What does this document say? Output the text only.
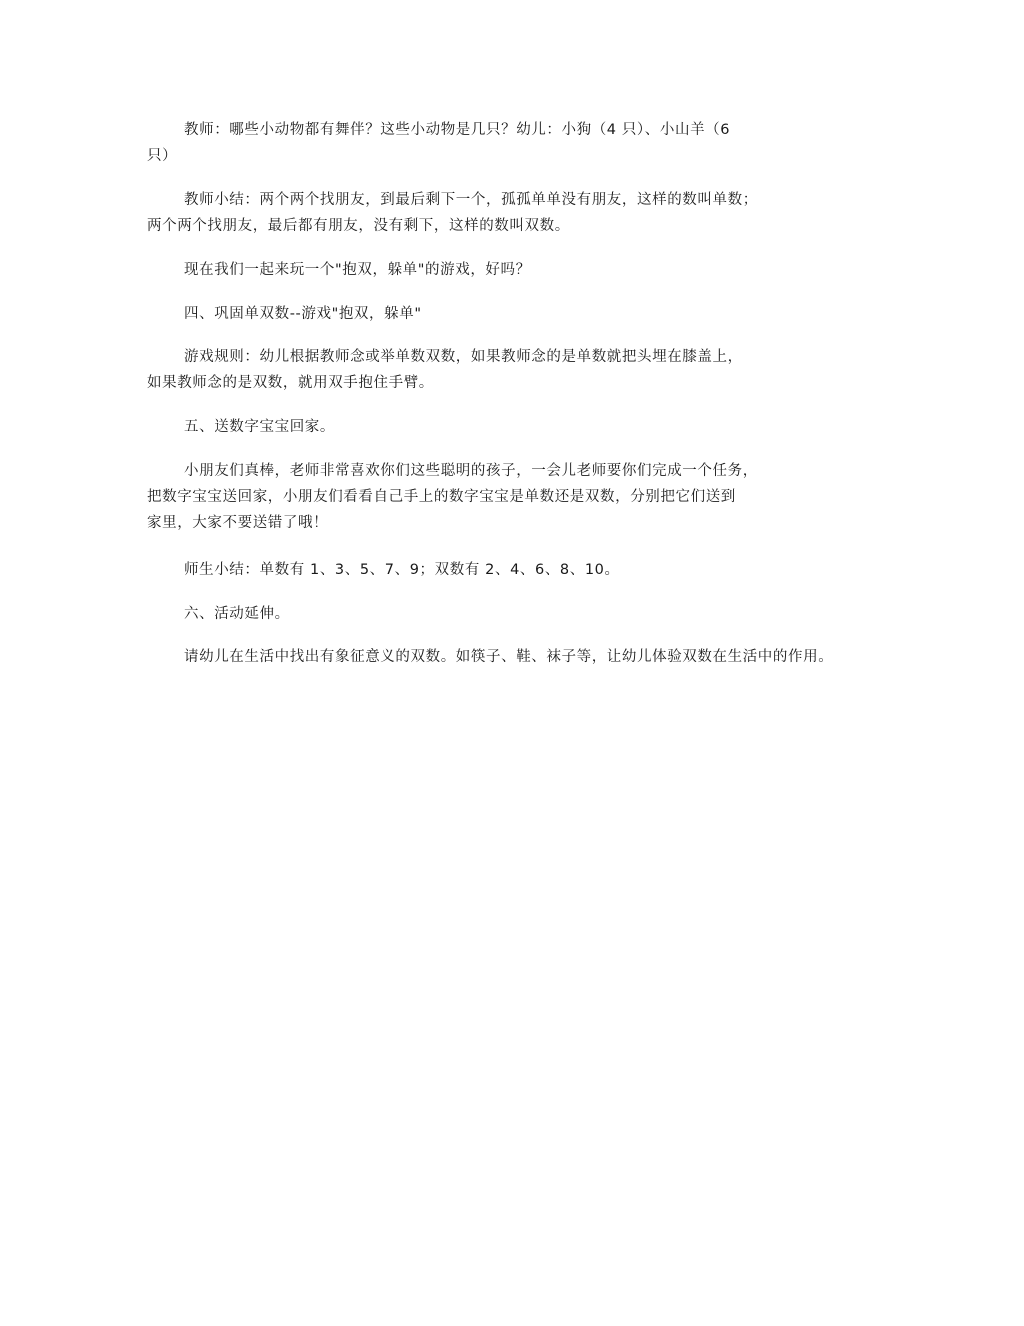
教师：哪些小动物都有舞伴？这些小动物是几只？幼儿：小狗（4 只）、小山羊（6
只）
教师小结：两个两个找朋友，到最后剩下一个，孤孤单单没有朋友，这样的数叫单数；
两个两个找朋友，最后都有朋友，没有剩下，这样的数叫双数。
现在我们一起来玩一个"抱双，躲单"的游戏，好吗？
四、巩固单双数--游戏"抱双，躲单"
游戏规则：幼儿根据教师念或举单数双数，如果教师念的是单数就把头埋在膝盖上，
如果教师念的是双数，就用双手抱住手臂。
五、送数字宝宝回家。
小朋友们真棒，老师非常喜欢你们这些聪明的孩子，一会儿老师要你们完成一个任务，
把数字宝宝送回家，小朋友们看看自己手上的数字宝宝是单数还是双数，分别把它们送到
家里，大家不要送错了哦！
师生小结：单数有 1、3、5、7、9；双数有 2、4、6、8、10。
六、活动延伸。
请幼儿在生活中找出有象征意义的双数。如筷子、鞋、袜子等，让幼儿体验双数在生活中的作用。
